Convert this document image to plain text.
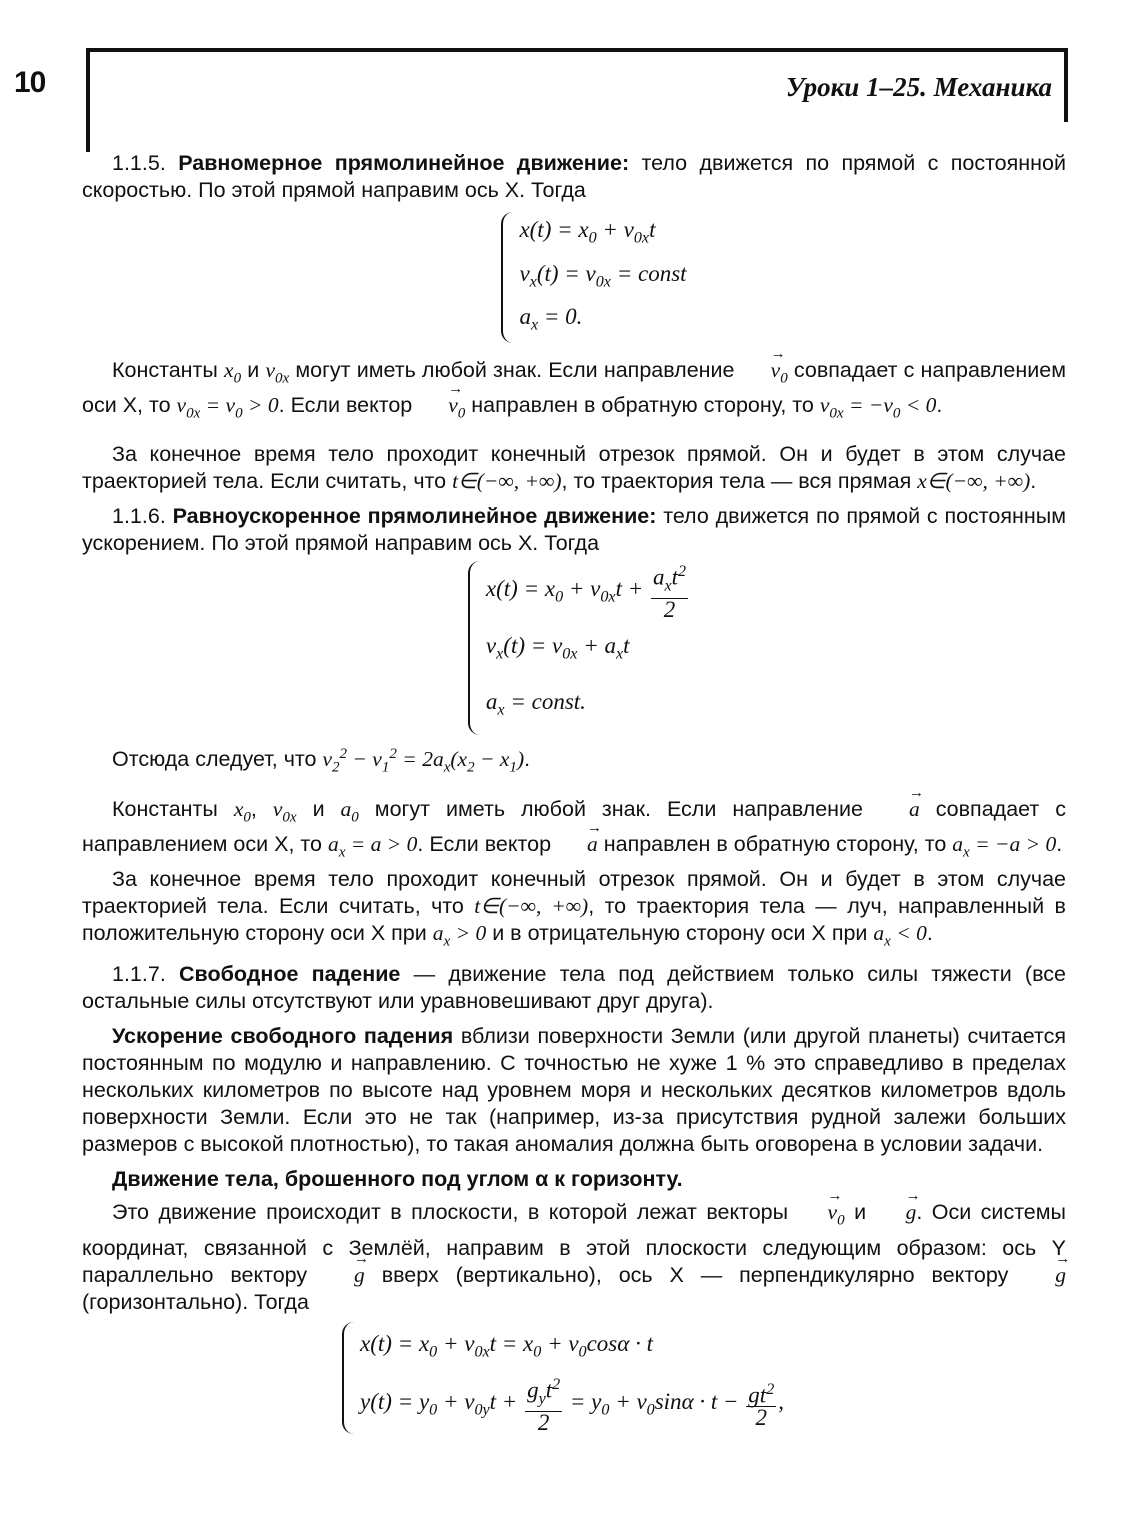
10	Уроки 1–25. Механика

1.1.5. Равномерное прямолинейное движение: тело движется по прямой с постоянной скоростью. По этой прямой направим ось X. Тогда

$x(t) = x_0 + v_{0x}t$
$v_x(t) = v_{0x}$ = const
$a_x = 0$.

Константы $x_0$ и $v_{0x}$ могут иметь любой знак. Если направление → $v_0$ совпадает с направлением оси X, то $v_{0x} = v_0 > 0$. Если вектор → $v_0$ направлен в обратную сторону, то $v_{0x} = -v_0 < 0$.

За конечное время тело проходит конечный отрезок прямой. Он и будет в этом случае траекторией тела. Если считать, что t∈(−∞, +∞), то траектория тела — вся прямая x∈(−∞, +∞).

1.1.6. Равноускоренное прямолинейное движение: тело движется по прямой с постоянным ускорением. По этой прямой направим ось X. Тогда

$x(t) = x_0 + v_{0x}t + \frac{a_xt^2}{2}$
$v_x(t) = v_{0x} + a_xt$
$a_x$ = const.

Отсюда следует, что $v_2^2 - v_1^2 = 2a_x(x_2 - x_1)$.

Константы $x_0$, $v_{0x}$ и $a_0$ могут иметь любой знак. Если направление → a совпадает с направлением оси X, то $a_x = a > 0$. Если вектор → a направлен в обратную сторону, то $a_x = -a > 0$.

За конечное время тело проходит конечный отрезок прямой. Он и будет в этом случае траекторией тела. Если считать, что t∈(−∞, +∞), то траектория тела — луч, направленный в положительную сторону оси X при $a_x > 0$ и в отрицательную сторону оси X при $a_x < 0$.

1.1.7. Свободное падение — движение тела под действием только силы тяжести (все остальные силы отсутствуют или уравновешивают друг друга).

Ускорение свободного падения вблизи поверхности Земли (или другой планеты) считается постоянным по модулю и направлению. С точностью не хуже 1 % это справедливо в пределах нескольких километров по высоте над уровнем моря и нескольких десятков километров вдоль поверхности Земли. Если это не так (например, из-за присутствия рудной залежи больших размеров с высокой плотностью), то такая аномалия должна быть оговорена в условии задачи.

Движение тела, брошенного под углом α к горизонту.

Это движение происходит в плоскости, в которой лежат векторы → $v_0$ и → g. Оси системы координат, связанной с Землёй, направим в этой плоскости следующим образом: ось Y параллельно вектору → g вверх (вертикально), ось X — перпендикулярно вектору → g (горизонтально). Тогда

$x(t) = x_0 + v_{0x}t = x_0 + v_0\cos\alpha \cdot t$
$y(t) = y_0 + v_{0y}t + \frac{g_yt^2}{2} = y_0 + v_0\sin\alpha \cdot t - \frac{gt^2}{2}$ ,
